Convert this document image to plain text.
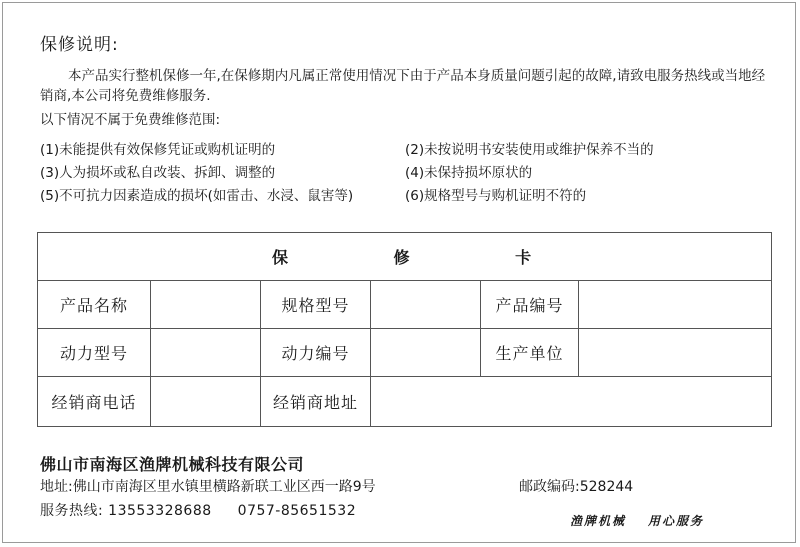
保修说明:
本产品实行整机保修一年,在保修期内凡属正常使用情况下由于产品本身质量问题引起的故障,请致电服务热线或当地经销商,本公司将免费维修服务.
以下情况不属于免费维修范围:
(1)未能提供有效保修凭证或购机证明的	(2)未按说明书安装使用或维护保养不当的
(3)人为损坏或私自改装、拆卸、调整的	(4)未保持损坏原状的
(5)不可抗力因素造成的损坏(如雷击、水浸、鼠害等)	(6)规格型号与购机证明不符的
保 修 卡					
产品名称		规格型号		产品编号	
动力型号		动力编号		生产单位	
经销商电话		经销商地址			
佛山市南海区渔牌机械科技有限公司
地址:佛山市南海区里水镇里横路新联工业区西一路9号	邮政编码:528244
服务热线: 13553328688 0757-85651532
渔牌机械 用心服务
